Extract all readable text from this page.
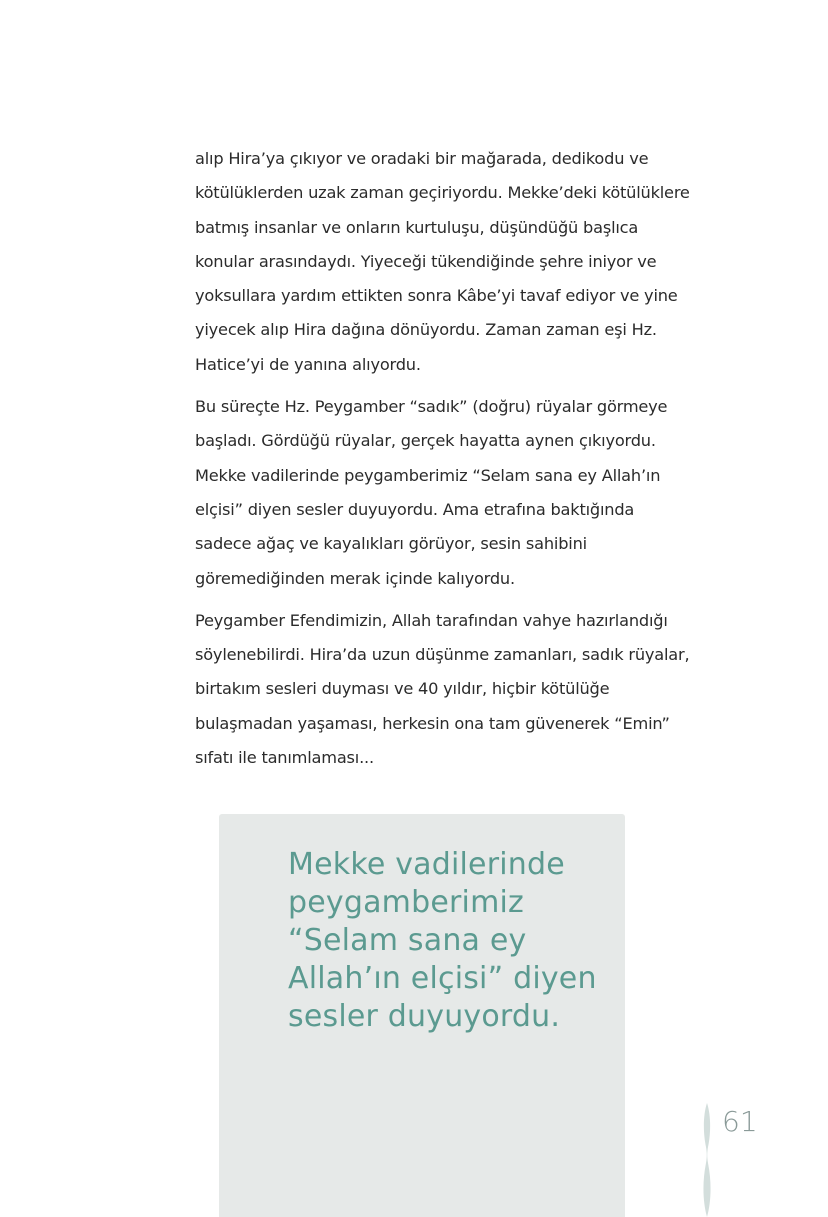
alıp Hira’ya çıkıyor ve oradaki bir mağarada, dedikodu ve kötülüklerden uzak zaman geçiriyordu. Mekke’deki kötülüklere batmış insanlar ve onların kurtuluşu, düşündüğü başlıca konular arasındaydı. Yiyeceği tükendiğinde şehre iniyor ve yoksullara yardım ettikten sonra Kâbe’yi tavaf ediyor ve yine yiyecek alıp Hira dağına dönüyordu. Zaman zaman eşi Hz. Hatice’yi de yanına alıyordu.

Bu süreçte Hz. Peygamber “sadık” (doğru) rüyalar görmeye başladı. Gördüğü rüyalar, gerçek hayatta aynen çıkıyordu. Mekke vadilerinde peygamberimiz “Selam sana ey Allah’ın elçisi” diyen sesler duyuyordu. Ama etrafına baktığında sadece ağaç ve kayalıkları görüyor, sesin sahibini göremediğinden merak içinde kalıyordu.

Peygamber Efendimizin, Allah tarafından vahye hazırlandığı söylenebilirdi. Hira’da uzun düşünme zamanları, sadık rüyalar, birtakım sesleri duyması ve 40 yıldır, hiçbir kötülüğe bulaşmadan yaşaması, herkesin ona tam güvenerek “Emin” sıfatı ile tanımlaması...

Mekke vadilerinde peygamberimiz “Selam sana ey Allah’ın elçisi” diyen sesler duyuyordu.
61
